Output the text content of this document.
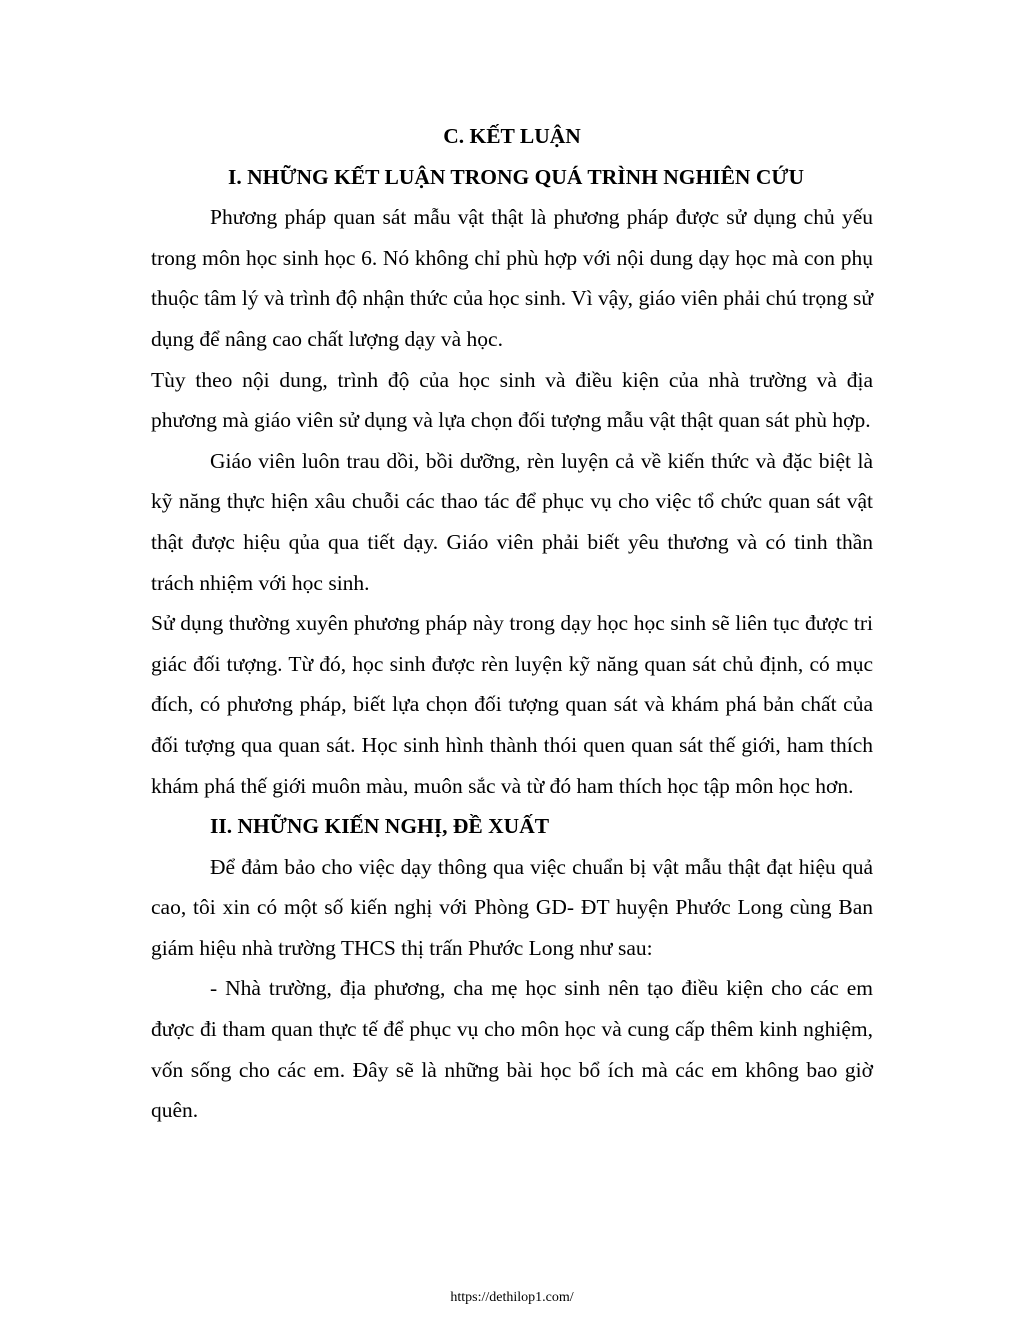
C. KẾT LUẬN
I. NHỮNG KẾT LUẬN TRONG QUÁ TRÌNH NGHIÊN CỨU

Phương pháp quan sát mẫu vật thật là phương pháp được sử dụng chủ yếu trong môn học sinh học 6. Nó không chỉ phù hợp với nội dung dạy học mà con phụ thuộc tâm lý và trình độ nhận thức của học sinh. Vì vậy, giáo viên phải chú trọng sử dụng để nâng cao chất lượng dạy và học.

Tùy theo nội dung, trình độ của học sinh và điều kiện của nhà trường và địa phương mà giáo viên sử dụng và lựa chọn đối tượng mẫu vật thật quan sát phù hợp.

Giáo viên luôn trau dồi, bồi dưỡng, rèn luyện cả về kiến thức và đặc biệt là kỹ năng thực hiện xâu chuỗi các thao tác để phục vụ cho việc tổ chức quan sát vật thật được hiệu qủa qua tiết dạy. Giáo viên phải biết yêu thương và có tinh thần trách nhiệm với học sinh.

Sử dụng thường xuyên phương pháp này trong dạy học học sinh sẽ liên tục được tri giác đối tượng. Từ đó, học sinh được rèn luyện kỹ năng quan sát chủ định, có mục đích, có phương pháp, biết lựa chọn đối tượng quan sát và khám phá bản chất của đối tượng qua quan sát. Học sinh hình thành thói quen quan sát thế giới, ham thích khám phá thế giới muôn màu, muôn sắc và từ đó ham thích học tập môn học hơn.

II. NHỮNG KIẾN NGHỊ, ĐỀ XUẤT

Để đảm bảo cho việc dạy thông qua việc chuẩn bị vật mẫu thật đạt hiệu quả cao, tôi xin có một số kiến nghị với Phòng GD- ĐT huyện Phước Long cùng Ban giám hiệu nhà trường THCS thị trấn Phước Long như sau:

- Nhà trường, địa phương, cha mẹ học sinh nên tạo điều kiện cho các em được đi tham quan thực tế để phục vụ cho môn học và cung cấp thêm kinh nghiệm, vốn sống cho các em. Đây sẽ là những bài học bổ ích mà các em không bao giờ quên.

https://dethilop1.com/
